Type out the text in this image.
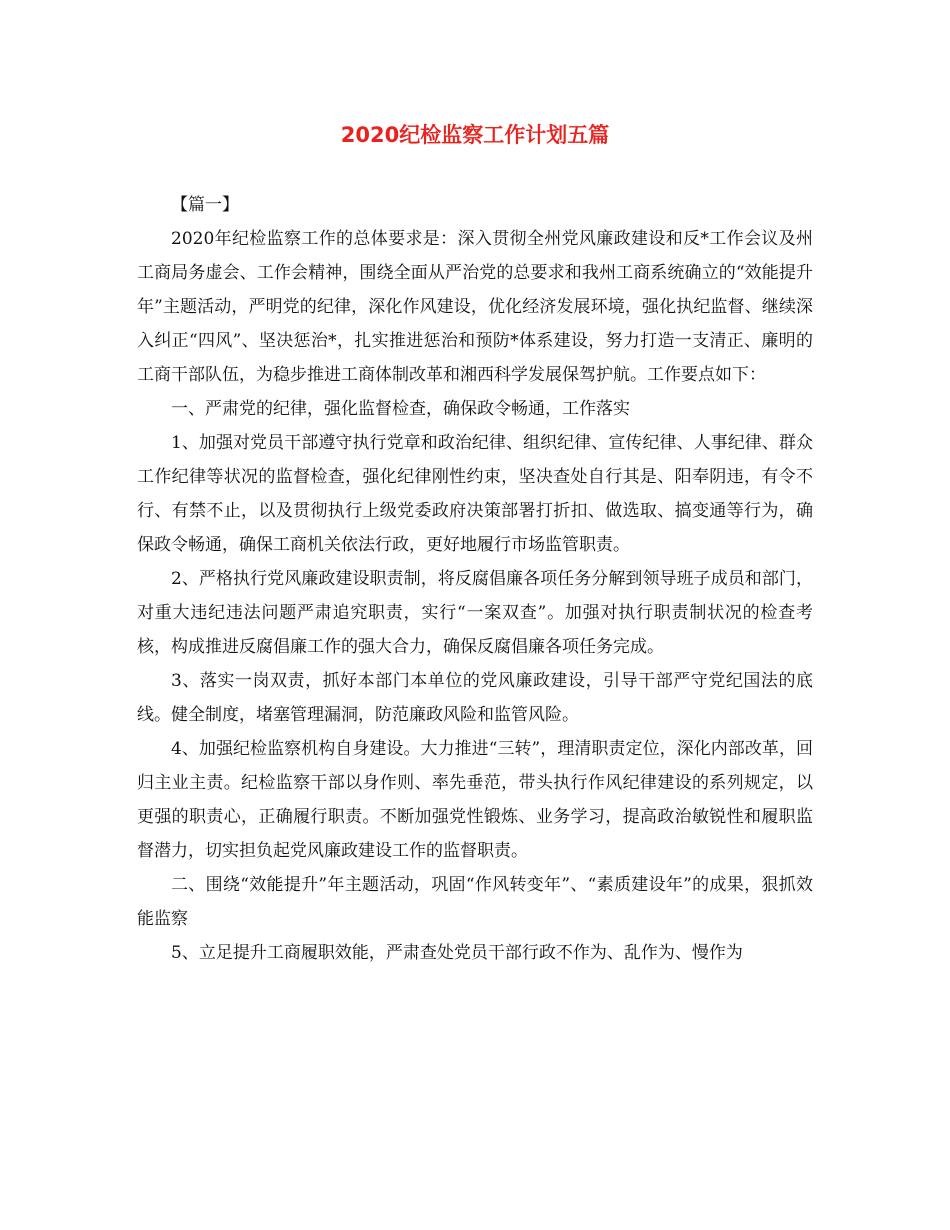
2020纪检监察工作计划五篇

【篇一】

2020年纪检监察工作的总体要求是：深入贯彻全州党风廉政建设和反*工作会议及州工商局务虚会、工作会精神，围绕全面从严治党的总要求和我州工商系统确立的“效能提升年”主题活动，严明党的纪律，深化作风建设，优化经济发展环境，强化执纪监督、继续深入纠正“四风”、坚决惩治*，扎实推进惩治和预防*体系建设，努力打造一支清正、廉明的工商干部队伍，为稳步推进工商体制改革和湘西科学发展保驾护航。工作要点如下：

一、严肃党的纪律，强化监督检查，确保政令畅通，工作落实

1、加强对党员干部遵守执行党章和政治纪律、组织纪律、宣传纪律、人事纪律、群众工作纪律等状况的监督检查，强化纪律刚性约束，坚决查处自行其是、阳奉阴违，有令不行、有禁不止，以及贯彻执行上级党委政府决策部署打折扣、做选取、搞变通等行为，确保政令畅通，确保工商机关依法行政，更好地履行市场监管职责。

2、严格执行党风廉政建设职责制，将反腐倡廉各项任务分解到领导班子成员和部门，对重大违纪违法问题严肃追究职责，实行“一案双查”。加强对执行职责制状况的检查考核，构成推进反腐倡廉工作的强大合力，确保反腐倡廉各项任务完成。

3、落实一岗双责，抓好本部门本单位的党风廉政建设，引导干部严守党纪国法的底线。健全制度，堵塞管理漏洞，防范廉政风险和监管风险。

4、加强纪检监察机构自身建设。大力推进“三转”，理清职责定位，深化内部改革，回归主业主责。纪检监察干部以身作则、率先垂范，带头执行作风纪律建设的系列规定，以更强的职责心，正确履行职责。不断加强党性锻炼、业务学习，提高政治敏锐性和履职监督潜力，切实担负起党风廉政建设工作的监督职责。

二、围绕“效能提升”年主题活动，巩固“作风转变年”、“素质建设年”的成果，狠抓效能监察

5、立足提升工商履职效能，严肃查处党员干部行政不作为、乱作为、慢作为
